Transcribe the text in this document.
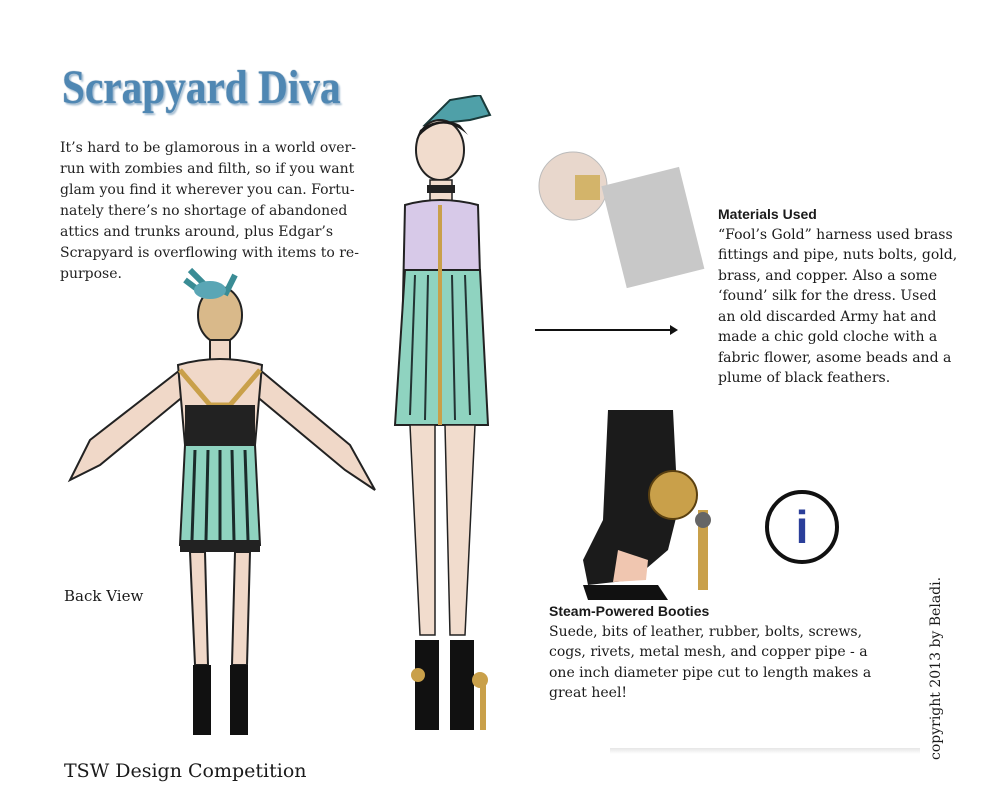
Scrapyard Diva
It’s hard to be glamorous in a world over-run with zombies and filth, so if you want glam you find it wherever you can. Fortu-nately there’s no shortage of abandoned attics and trunks around, plus Edgar’s Scrapyard is overflowing with items to re-purpose.
Back View
Materials Used
“Fool’s Gold” harness used brass fittings and pipe, nuts bolts, gold, brass, and copper. Also a some ‘found’ silk for the dress. Used an old discarded Army hat and made a chic gold cloche with a fabric flower, asome beads and a plume of black feathers.
i
Steam-Powered Booties
Suede, bits of leather, rubber, bolts, screws, cogs, rivets, metal mesh, and copper pipe - a one inch diameter pipe cut to length makes a great heel!	copyright 2013 by Beladi.
TSW Design Competition
